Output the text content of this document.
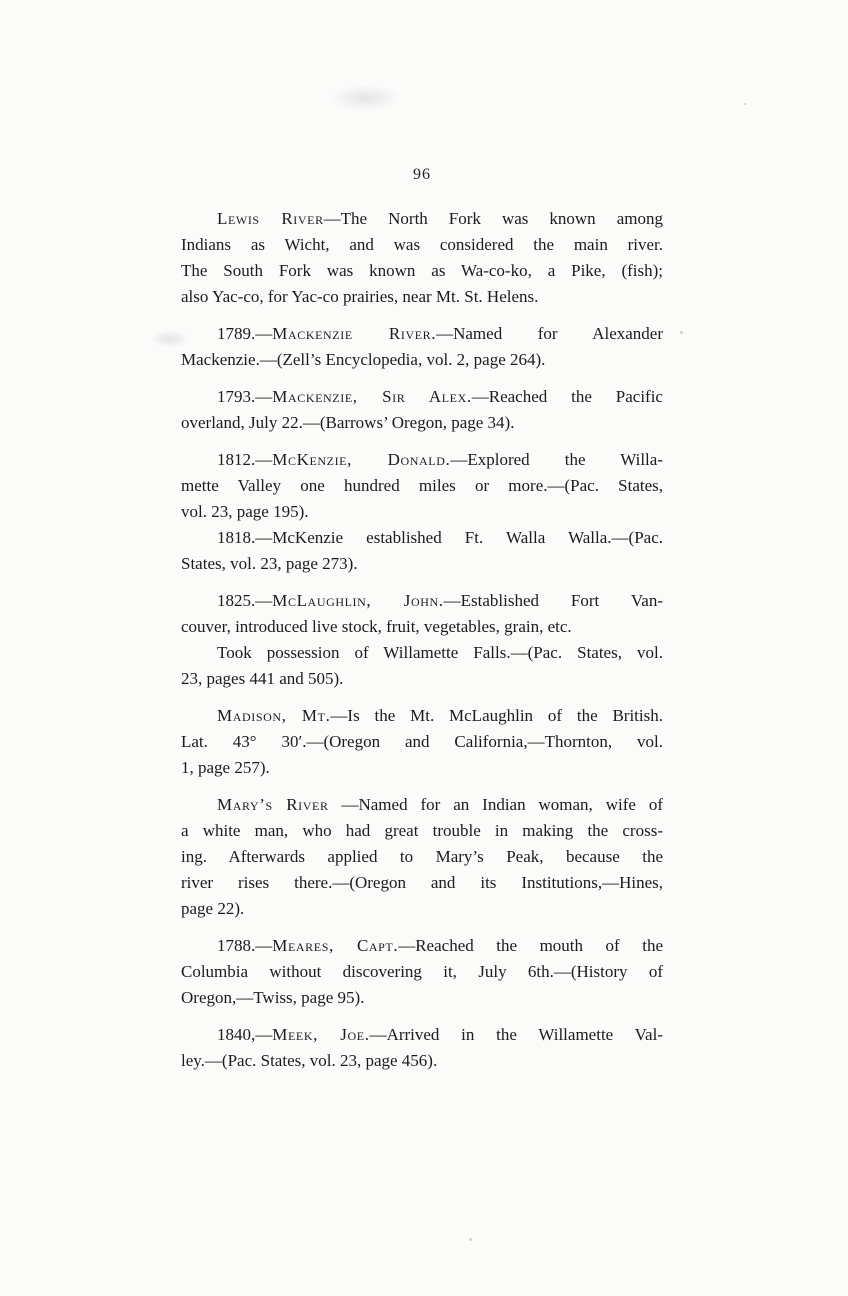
96
Lewis River—The North Fork was known among
Indians as Wicht, and was considered the main river.
The South Fork was known as Wa-co-ko, a Pike, (fish);
also Yac-co, for Yac-co prairies, near Mt. St. Helens.
1789.—Mackenzie River.—Named for Alexander
Mackenzie.—(Zell’s Encyclopedia, vol. 2, page 264).
1793.—Mackenzie, Sir Alex.—Reached the Pacific
overland, July 22.—(Barrows’ Oregon, page 34).
1812.—McKenzie, Donald.—Explored the Willa-
mette Valley one hundred miles or more.—(Pac. States,
vol. 23, page 195).
1818.—McKenzie established Ft. Walla Walla.—(Pac.
States, vol. 23, page 273).
1825.—McLaughlin, John.—Established Fort Van-
couver, introduced live stock, fruit, vegetables, grain, etc.
Took possession of Willamette Falls.—(Pac. States, vol.
23, pages 441 and 505).
Madison, Mt.—Is the Mt. McLaughlin of the British.
Lat. 43° 30′.—(Oregon and California,—Thornton, vol.
1, page 257).
Mary’s River —Named for an Indian woman, wife of
a white man, who had great trouble in making the cross-
ing. Afterwards applied to Mary’s Peak, because the
river rises there.—(Oregon and its Institutions,—Hines,
page 22).
1788.—Meares, Capt.—Reached the mouth of the
Columbia without discovering it, July 6th.—(History of
Oregon,—Twiss, page 95).
1840,—Meek, Joe.—Arrived in the Willamette Val-
ley.—(Pac. States, vol. 23, page 456).
